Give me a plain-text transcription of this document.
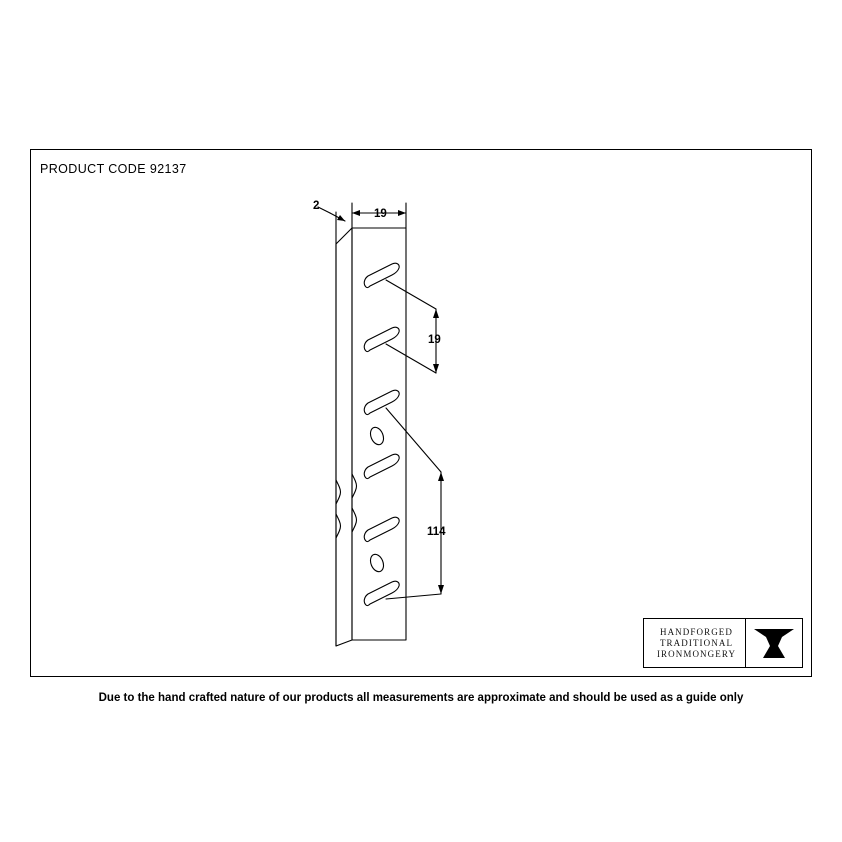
PRODUCT CODE 92137
2
19
19
114
HANDFORGED
TRADITIONAL
IRONMONGERY
Due to the hand crafted nature of our products all measurements are approximate and should be used as a guide only
